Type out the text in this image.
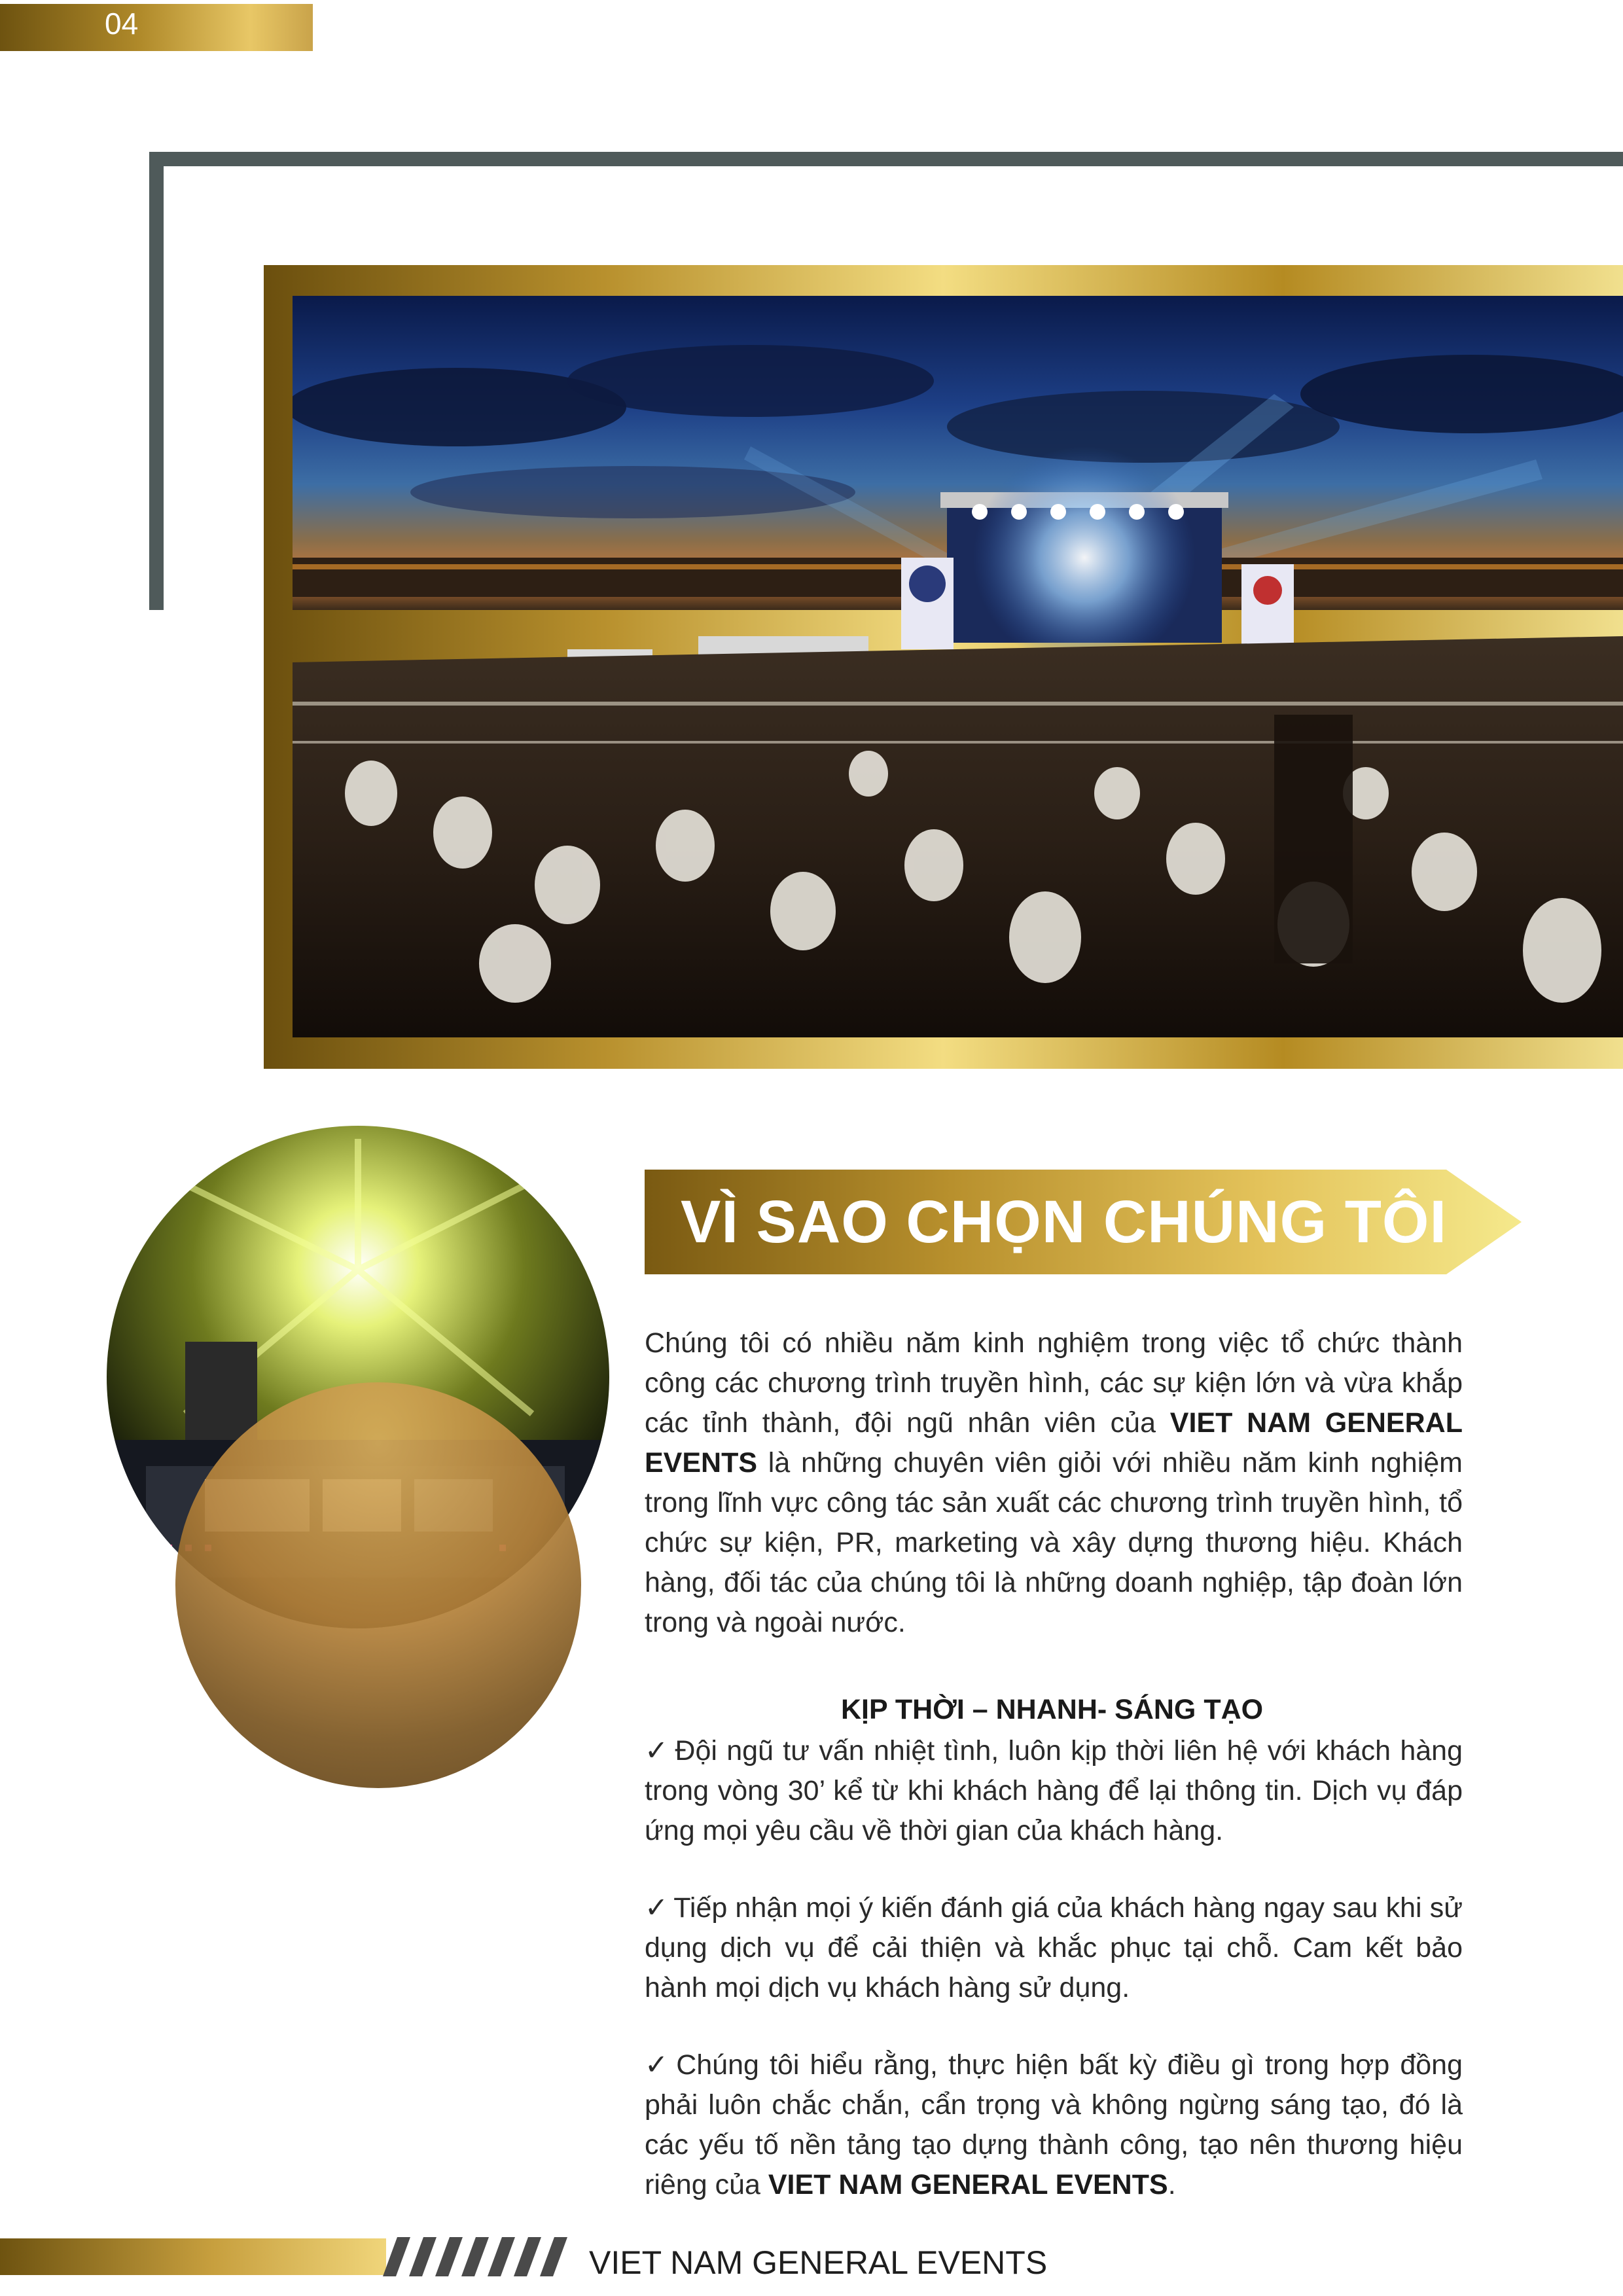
04
VÌ SAO CHỌN CHÚNG TÔI
Chúng tôi có nhiều năm kinh nghiệm trong việc tổ chức thành công các chương trình truyền hình, các sự kiện lớn và vừa khắp các tỉnh thành, đội ngũ nhân viên của VIET NAM GENERAL EVENTS là những chuyên viên giỏi với nhiều năm kinh nghiệm trong lĩnh vực công tác sản xuất các chương trình truyền hình, tổ chức sự kiện, PR, marketing và xây dựng thương hiệu. Khách hàng, đối tác của chúng tôi là những doanh nghiệp, tập đoàn lớn trong và ngoài nước.
KỊP THỜI – NHANH- SÁNG TẠO
✓ Đội ngũ tư vấn nhiệt tình, luôn kịp thời liên hệ với khách hàng trong vòng 30’ kể từ khi khách hàng để lại thông tin. Dịch vụ đáp ứng mọi yêu cầu về thời gian của khách hàng.
✓ Tiếp nhận mọi ý kiến đánh giá của khách hàng ngay sau khi sử dụng dịch vụ để cải thiện và khắc phục tại chỗ. Cam kết bảo hành mọi dịch vụ khách hàng sử dụng.
✓ Chúng tôi hiểu rằng, thực hiện bất kỳ điều gì trong hợp đồng phải luôn chắc chắn, cẩn trọng và không ngừng sáng tạo, đó là các yếu tố nền tảng tạo dựng thành công, tạo nên thương hiệu riêng của VIET NAM GENERAL EVENTS.
VIET NAM GENERAL EVENTS
